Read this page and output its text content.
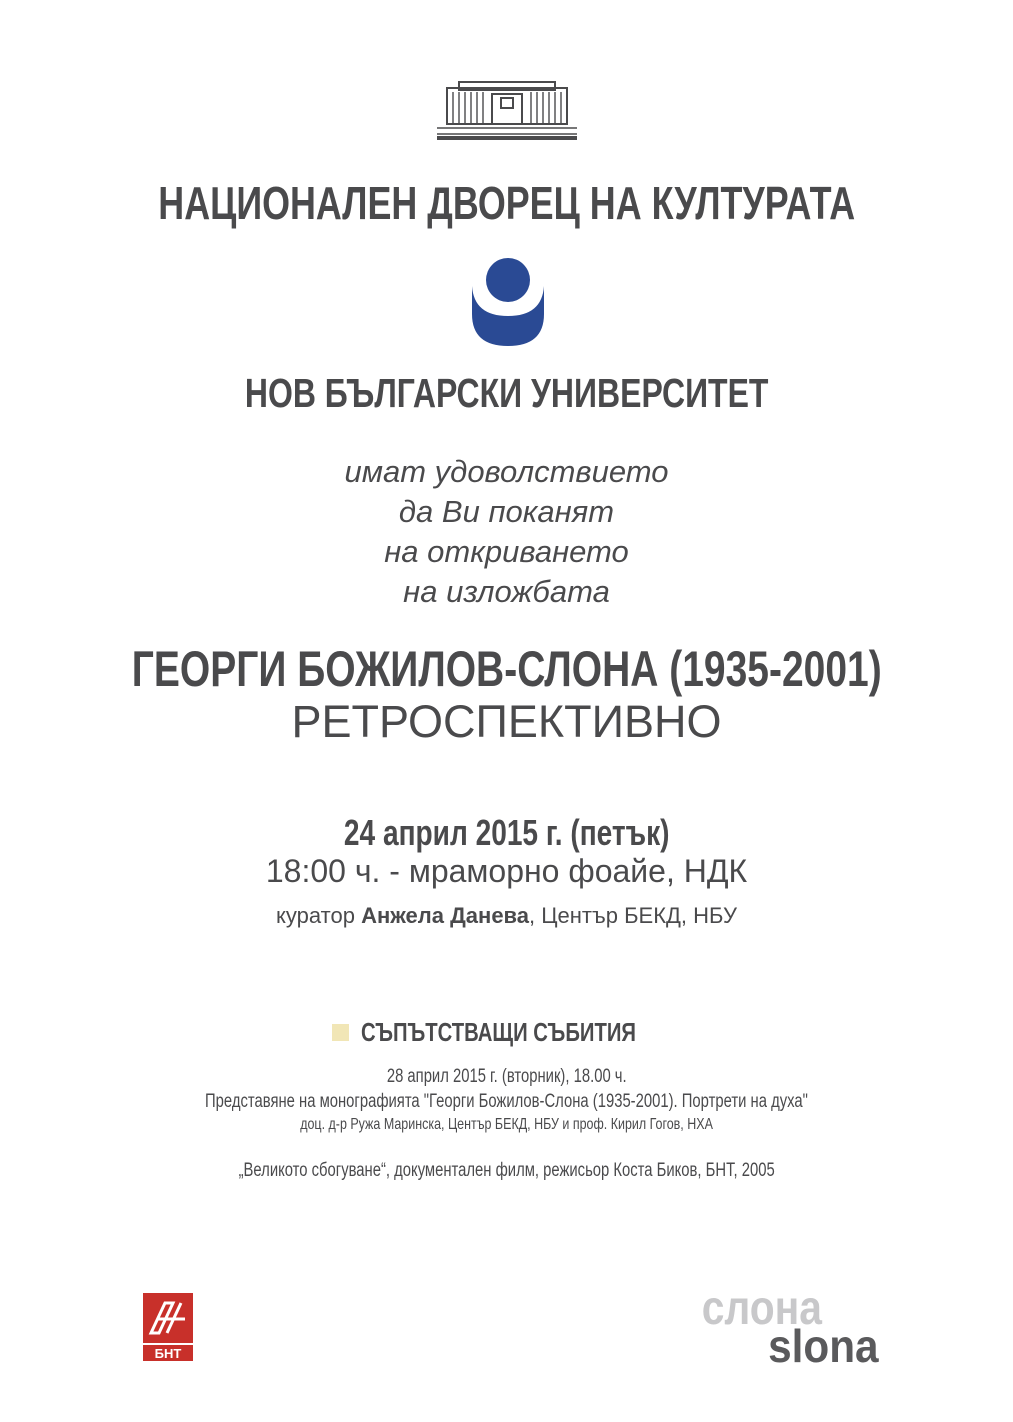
НАЦИОНАЛЕН ДВОРЕЦ НА КУЛТУРАТА
НОВ БЪЛГАРСКИ УНИВЕРСИТЕТ
имат удоволствието
да Ви поканят
на откриването
на изложбата
ГЕОРГИ БОЖИЛОВ-СЛОНА (1935-2001)
РЕТРОСПЕКТИВНО
24 април 2015 г. (петък)
18:00 ч. - мраморно фоайе, НДК
куратор Анжела Данева, Център БЕКД, НБУ
СЪПЪТСТВАЩИ СЪБИТИЯ
28 април 2015 г. (вторник), 18.00 ч.
Представяне на монографията "Георги Божилов-Слона (1935-2001). Портрети на духа"
доц. д-р Ружа Маринска, Център БЕКД, НБУ и проф. Кирил Гогов, НХА
„Великото сбогуване“, документален филм, режисьор Коста Биков, БНТ, 2005
БНТ
слона
slona
